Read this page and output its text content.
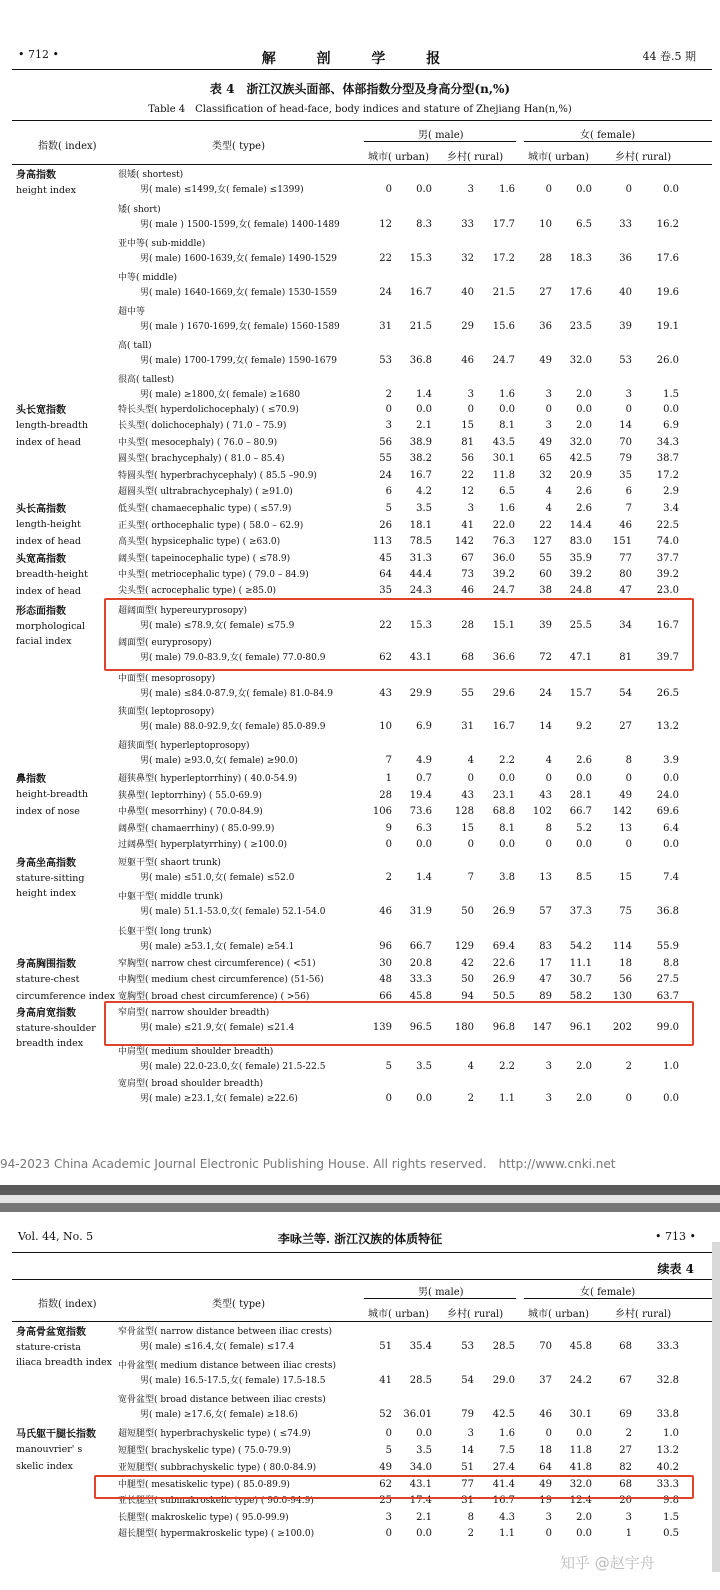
• 712 •	解 剖 学 报	44 卷.5 期
表 4　浙江汉族头面部、体部指数分型及身高分型(n,%)
Table 4　Classification of head-face, body indices and stature of Zhejiang Han(n,%)
指数( index)	类型( type)
男( male)	女( female)
城市( urban) 乡村( rural) 城市( urban)	乡村( rural)
身高指数
height index
很矮( shortest)
男( male) ≤1499,女( female) ≤1399)	0	0.0	3	1.6	0	0.0	0	0.0
矮( short)
男( male ) 1500-1599,女( female) 1400-1489	12	8.3	33	17.7	10	6.5	33	16.2
亚中等( sub-middle)
男( male) 1600-1639,女( female) 1490-1529	22	15.3	32	17.2	28	18.3	36	17.6
中等( middle)
男( male) 1640-1669,女( female) 1530-1559	24	16.7	40	21.5	27	17.6	40	19.6
超中等
男( male ) 1670-1699,女( female) 1560-1589	31	21.5	29	15.6	36	23.5	39	19.1
高( tall)
男( male) 1700-1799,女( female) 1590-1679	53	36.8	46	24.7	49	32.0	53	26.0
很高( tallest)
男( male) ≥1800,女( female) ≥1680	2	1.4	3	1.6	3	2.0	3	1.5
头长宽指数
length-breadth
index of head
特长头型( hyperdolichocephaly) ( ≤70.9)	0	0.0	0	0.0	0	0.0	0	0.0
长头型( dolichocephaly) ( 71.0 – 75.9)	3	2.1	15	8.1	3	2.0	14	6.9
中头型( mesocephaly) ( 76.0 – 80.9)	56	38.9	81	43.5	49	32.0	70	34.3
圆头型( brachycephaly) ( 81.0 – 85.4)	55	38.2	56	30.1	65	42.5	79	38.7
特圆头型( hyperbrachycephaly) ( 85.5 –90.9)	24	16.7	22	11.8	32	20.9	35	17.2
超圆头型( ultrabrachycephaly) ( ≥91.0)	6	4.2	12	6.5	4	2.6	6	2.9
头长高指数
length-height
index of head
低头型( chamaecephalic type) ( ≤57.9)	5	3.5	3	1.6	4	2.6	7	3.4
正头型( orthocephalic type) ( 58.0 – 62.9)	26	18.1	41	22.0	22	14.4	46	22.5
高头型( hypsicephalic type) ( ≥63.0)	113	78.5	142	76.3	127	83.0	151	74.0
头宽高指数
breadth-height
index of head
阔头型( tapeinocephalic type) ( ≤78.9)	45	31.3	67	36.0	55	35.9	77	37.7
中头型( metriocephalic type) ( 79.0 – 84.9)	64	44.4	73	39.2	60	39.2	80	39.2
尖头型( acrocephalic type) ( ≥85.0)	35	24.3	46	24.7	38	24.8	47	23.0
形态面指数
morphological
facial index
超阔面型( hypereuryprosopy)
男( male) ≤78.9,女( female) ≤75.9	22	15.3	28	15.1	39	25.5	34	16.7
阔面型( euryprosopy)
男( male) 79.0-83.9,女( female) 77.0-80.9	62	43.1	68	36.6	72	47.1	81	39.7
中面型( mesoprosopy)
男( male) ≤84.0-87.9,女( female) 81.0-84.9	43	29.9	55	29.6	24	15.7	54	26.5
狭面型( leptoprosopy)
男( male) 88.0-92.9,女( female) 85.0-89.9	10	6.9	31	16.7	14	9.2	27	13.2
超狭面型( hyperleptoprosopy)
男( male) ≥93.0,女( female) ≥90.0)	7	4.9	4	2.2	4	2.6	8	3.9
鼻指数
height-breadth
index of nose
超狭鼻型( hyperleptorrhiny) ( 40.0-54.9)	1	0.7	0	0.0	0	0.0	0	0.0
狭鼻型( leptorrhiny) ( 55.0-69.9)	28	19.4	43	23.1	43	28.1	49	24.0
中鼻型( mesorrhiny) ( 70.0-84.9)	106	73.6	128	68.8	102	66.7	142	69.6
阔鼻型( chamaerrhiny) ( 85.0-99.9)	9	6.3	15	8.1	8	5.2	13	6.4
过阔鼻型( hyperplatyrrhiny) ( ≥100.0)	0	0.0	0	0.0	0	0.0	0	0.0
身高坐高指数
stature-sitting
height index
短躯干型( shaort trunk)
男( male) ≤51.0,女( female) ≤52.0	2	1.4	7	3.8	13	8.5	15	7.4
中躯干型( middle trunk)
男( male) 51.1-53.0,女( female) 52.1-54.0	46	31.9	50	26.9	57	37.3	75	36.8
长躯干型( long trunk)
男( male) ≥53.1,女( female) ≥54.1	96	66.7	129	69.4	83	54.2	114	55.9
身高胸围指数
stature-chest
circumference index
窄胸型( narrow chest circumference) ( <51)	30	20.8	42	22.6	17	11.1	18	8.8
中胸型( medium chest circumference) (51-56)	48	33.3	50	26.9	47	30.7	56	27.5
宽胸型( broad chest circumference) ( >56)	66	45.8	94	50.5	89	58.2	130	63.7
身高肩宽指数
stature-shoulder
breadth index
窄肩型( narrow shoulder breadth)
男( male) ≤21.9,女( female) ≤21.4	139	96.5	180	96.8	147	96.1	202	99.0
中肩型( medium shoulder breadth)
男( male) 22.0-23.0,女( female) 21.5-22.5	5	3.5	4	2.2	3	2.0	2	1.0
宽肩型( broad shoulder breadth)
男( male) ≥23.1,女( female) ≥22.6)	0	0.0	2	1.1	3	2.0	0	0.0
94-2023 China Academic Journal Electronic Publishing House. All rights reserved.　http://www.cnki.net
Vol. 44, No. 5	李咏兰等. 浙江汉族的体质特征	• 713 •
续表 4
指数( index)	类型( type)
男( male)	女( female)
城市( urban) 乡村( rural) 城市( urban)	乡村( rural)
身高骨盆宽指数
stature-crista
iliaca breadth index
窄骨盆型( narrow distance between iliac crests)
男( male) ≤16.4,女( female) ≤17.4	51	35.4	53	28.5	70	45.8	68	33.3
中骨盆型( medium distance between iliac crests)
男( male) 16.5-17.5,女( female) 17.5-18.5	41	28.5	54	29.0	37	24.2	67	32.8
宽骨盆型( broad distance between iliac crests)
男( male) ≥17.6,女( female) ≥18.6)	52	36.01	79	42.5	46	30.1	69	33.8
马氏躯干腿长指数
manouvrier' s
skelic index
超短腿型( hyperbrachyskelic type) ( ≤74.9)	0	0.0	3	1.6	0	0.0	2	1.0
短腿型( brachyskelic type) ( 75.0-79.9)	5	3.5	14	7.5	18	11.8	27	13.2
亚短腿型( subbrachyskelic type) ( 80.0-84.9)	49	34.0	51	27.4	64	41.8	82	40.2
中腿型( mesatiskelic type) ( 85.0-89.9)	62	43.1	77	41.4	49	32.0	68	33.3
亚长腿型( submakroskelic type) ( 90.0-94.9)	25	17.4	31	16.7	19	12.4	20	9.8
长腿型( makroskelic type) ( 95.0-99.9)	3	2.1	8	4.3	3	2.0	3	1.5
超长腿型( hypermakroskelic type) ( ≥100.0)	0	0.0	2	1.1	0	0.0	1	0.5
知乎 @赵宇舟
